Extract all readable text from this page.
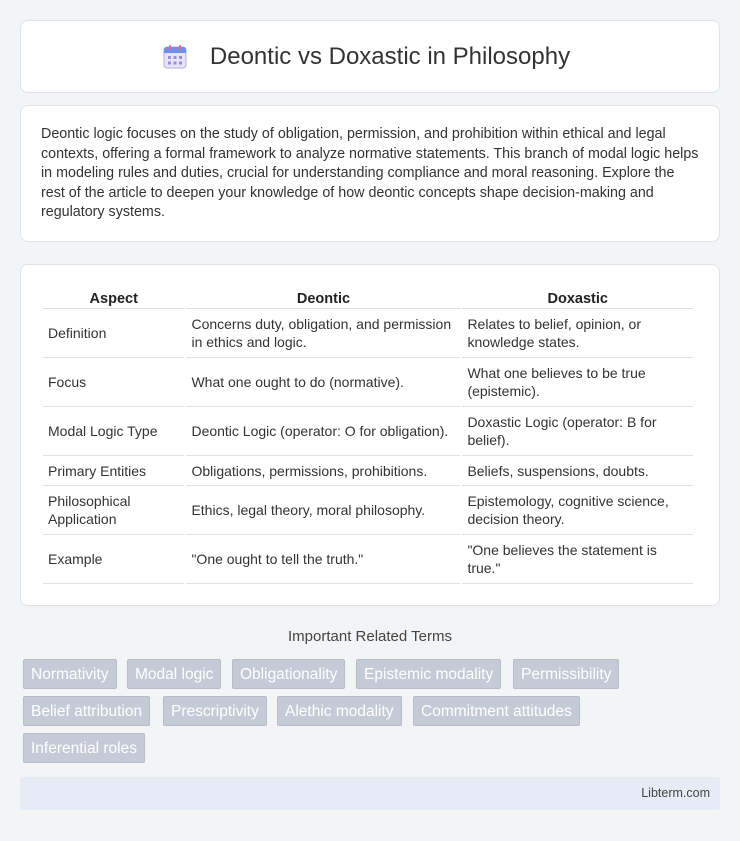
Deontic vs Doxastic in Philosophy

Deontic logic focuses on the study of obligation, permission, and prohibition within ethical and legal contexts, offering a formal framework to analyze normative statements. This branch of modal logic helps in modeling rules and duties, crucial for understanding compliance and moral reasoning. Explore the rest of the article to deepen your knowledge of how deontic concepts shape decision-making and regulatory systems.

Aspect	Deontic	Doxastic
Definition	Concerns duty, obligation, and permission in ethics and logic.	Relates to belief, opinion, or knowledge states.
Focus	What one ought to do (normative).	What one believes to be true (epistemic).
Modal Logic Type	Deontic Logic (operator: O for obligation).	Doxastic Logic (operator: B for belief).
Primary Entities	Obligations, permissions, prohibitions.	Beliefs, suspensions, doubts.
Philosophical Application	Ethics, legal theory, moral philosophy.	Epistemology, cognitive science, decision theory.
Example	"One ought to tell the truth."	"One believes the statement is true."
Important Related Terms
Normativity	Modal logic	Obligationality	Epistemic modality	Permissibility
Belief attribution	Prescriptivity	Alethic modality	Commitment attitudes
Inferential roles
Libterm.com
